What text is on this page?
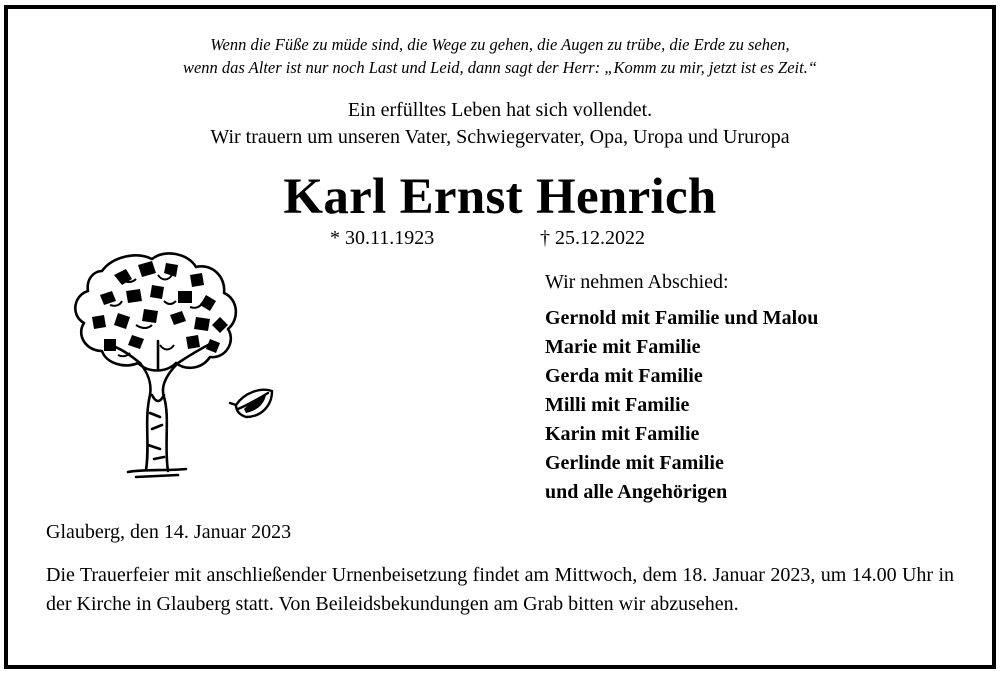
Wenn die Füße zu müde sind, die Wege zu gehen, die Augen zu trübe, die Erde zu sehen,
wenn das Alter ist nur noch Last und Leid, dann sagt der Herr: „Komm zu mir, jetzt ist es Zeit.“
Ein erfülltes Leben hat sich vollendet.
Wir trauern um unseren Vater, Schwiegervater, Opa, Uropa und Ururopa
Karl Ernst Henrich
* 30.11.1923	† 25.12.2022
Wir nehmen Abschied:
Gernold mit Familie und Malou
Marie mit Familie
Gerda mit Familie
Milli mit Familie
Karin mit Familie
Gerlinde mit Familie
und alle Angehörigen
Glauberg, den 14. Januar 2023
Die Trauerfeier mit anschließender Urnenbeisetzung findet am Mittwoch, dem 18. Januar 2023, um 14.00 Uhr in der Kirche in Glauberg statt. Von Beileidsbekundungen am Grab bitten wir abzusehen.
